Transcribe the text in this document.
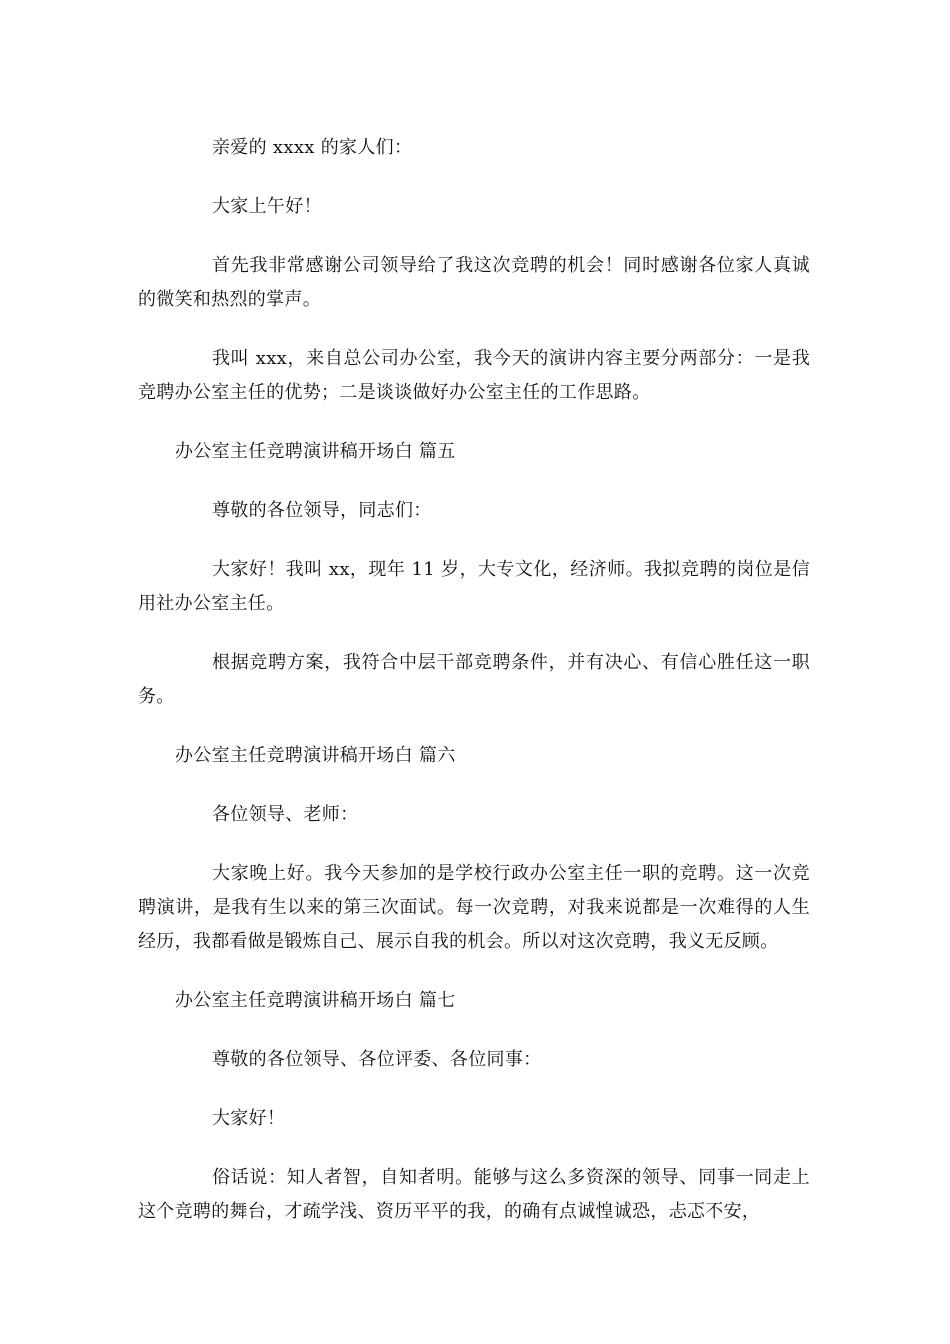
亲爱的 xxxx 的家人们：

大家上午好！

首先我非常感谢公司领导给了我这次竞聘的机会！同时感谢各位家人真诚的微笑和热烈的掌声。

我叫 xxx，来自总公司办公室，我今天的演讲内容主要分两部分：一是我竞聘办公室主任的优势；二是谈谈做好办公室主任的工作思路。

办公室主任竞聘演讲稿开场白 篇五

尊敬的各位领导，同志们：

大家好！我叫 xx，现年 11 岁，大专文化，经济师。我拟竞聘的岗位是信用社办公室主任。

根据竞聘方案，我符合中层干部竞聘条件，并有决心、有信心胜任这一职务。

办公室主任竞聘演讲稿开场白 篇六

各位领导、老师：

大家晚上好。我今天参加的是学校行政办公室主任一职的竞聘。这一次竞聘演讲，是我有生以来的第三次面试。每一次竞聘，对我来说都是一次难得的人生经历，我都看做是锻炼自己、展示自我的机会。所以对这次竞聘，我义无反顾。

办公室主任竞聘演讲稿开场白 篇七

尊敬的各位领导、各位评委、各位同事：

大家好！

俗话说：知人者智，自知者明。能够与这么多资深的领导、同事一同走上这个竞聘的舞台，才疏学浅、资历平平的我，的确有点诚惶诚恐，忐忑不安，
